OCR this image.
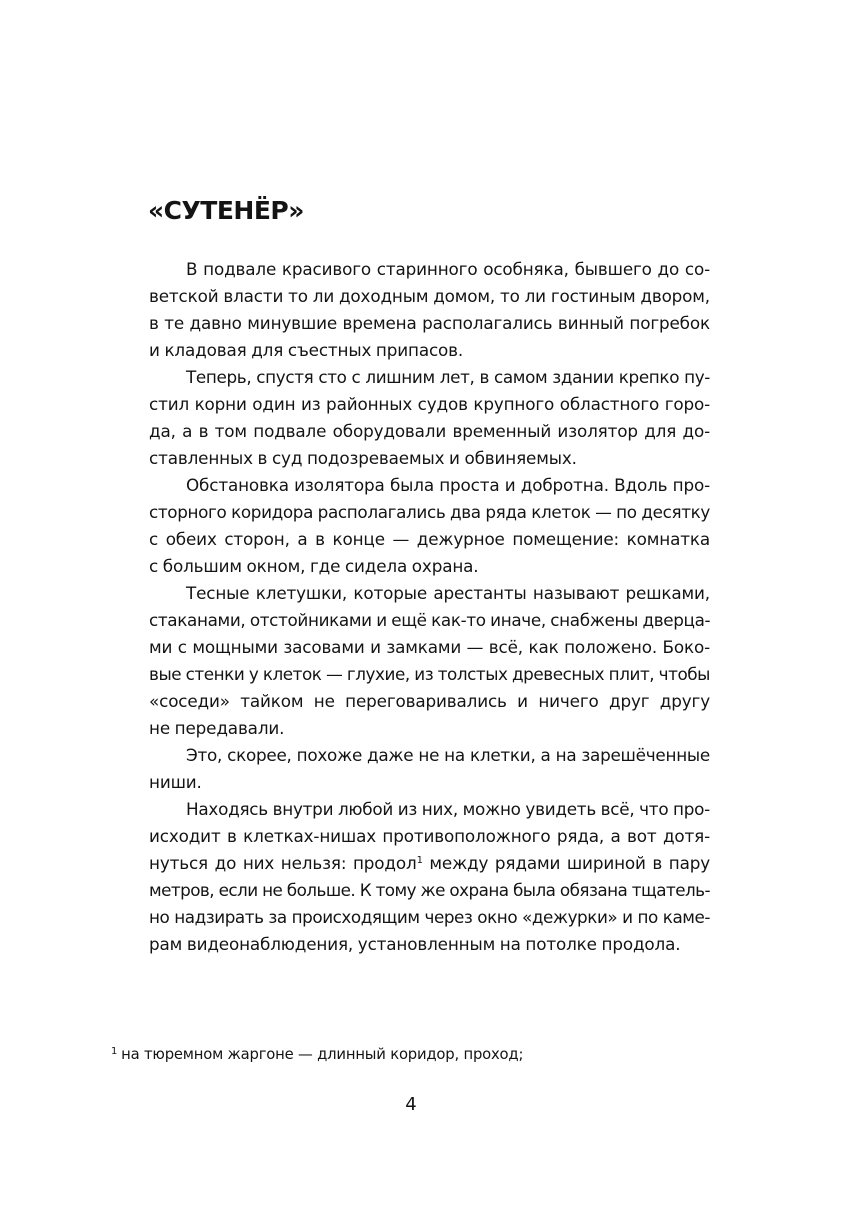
«СУТЕНЁР»

В подвале красивого старинного особняка, бывшего до со-
ветской власти то ли доходным домом, то ли гостиным двором,
в те давно минувшие времена располагались винный погребок
и кладовая для съестных припасов.

Теперь, спустя сто с лишним лет, в самом здании крепко пу-
стил корни один из районных судов крупного областного горо-
да, а в том подвале оборудовали временный изолятор для до-
ставленных в суд подозреваемых и обвиняемых.

Обстановка изолятора была проста и добротна. Вдоль про-
сторного коридора располагались два ряда клеток — по десятку
с обеих сторон, а в конце — дежурное помещение: комнатка
с большим окном, где сидела охрана.

Тесные клетушки, которые арестанты называют решками,
стаканами, отстойниками и ещё как-то иначе, снабжены дверца-
ми с мощными засовами и замками — всё, как положено. Боко-
вые стенки у клеток — глухие, из толстых древесных плит, чтобы
«соседи» тайком не переговаривались и ничего друг другу
не передавали.

Это, скорее, похоже даже не на клетки, а на зарешёченные
ниши.

Находясь внутри любой из них, можно увидеть всё, что про-
исходит в клетках-нишах противоположного ряда, а вот дотя-
нуться до них нельзя: продол$^1$ между рядами шириной в пару
метров, если не больше. К тому же охрана была обязана тщатель-
но надзирать за происходящим через окно «дежурки» и по каме-
рам видеонаблюдения, установленным на потолке продола.

$^1$ на тюремном жаргоне — длинный коридор, проход;

4
